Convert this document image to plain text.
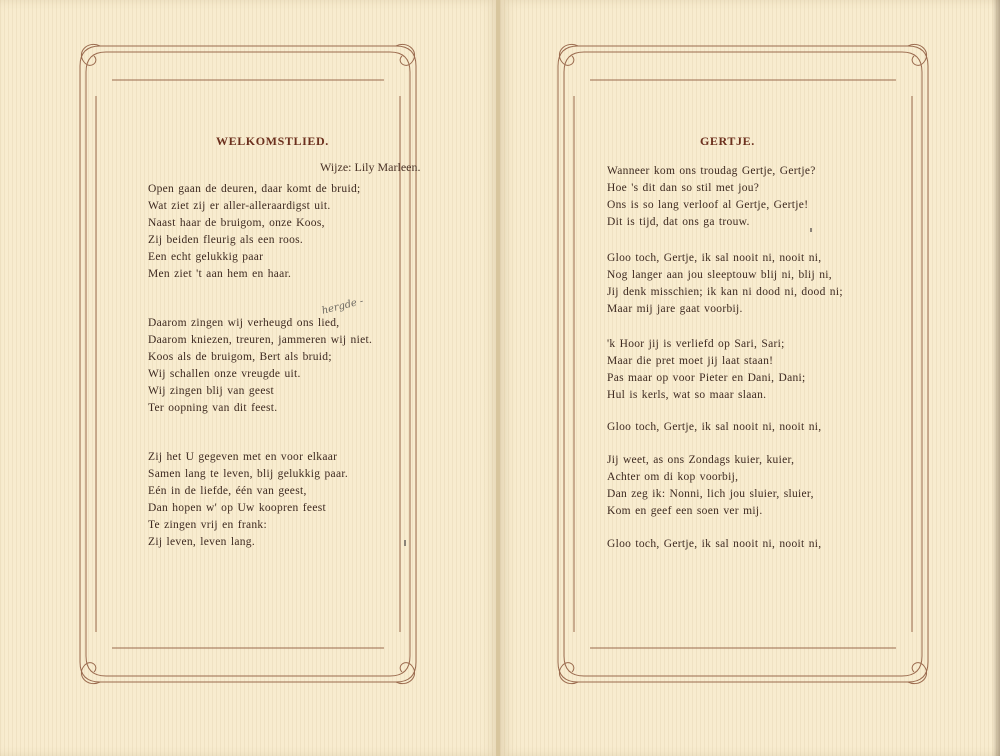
WELKOMSTLIED.

Wijze: Lily Marleen.

hergde -

Open gaan de deuren, daar komt de bruid;
Wat ziet zij er aller-alleraardigst uit.
Naast haar de bruigom, onze Koos,
Zij beiden fleurig als een roos.
Een echt gelukkig paar
Men ziet 't aan hem en haar.
Daarom zingen wij verheugd ons lied,
Daarom kniezen, treuren, jammeren wij niet.
Koos als de bruigom, Bert als bruid;
Wij schallen onze vreugde uit.
Wij zingen blij van geest
Ter oopning van dit feest.
Zij het U gegeven met en voor elkaar
Samen lang te leven, blij gelukkig paar.
Eén in de liefde, één van geest,
Dan hopen w' op Uw koopren feest
Te zingen vrij en frank:
Zij leven, leven lang.
GERTJE.
Wanneer kom ons troudag Gertje, Gertje?
Hoe 's dit dan so stil met jou?
Ons is so lang verloof al Gertje, Gertje!
Dit is tijd, dat ons ga trouw.
Gloo toch, Gertje, ik sal nooit ni, nooit ni,
Nog langer aan jou sleeptouw blij ni, blij ni,
Jij denk misschien; ik kan ni dood ni, dood ni;
Maar mij jare gaat voorbij.
'k Hoor jij is verliefd op Sari, Sari;
Maar die pret moet jij laat staan!
Pas maar op voor Pieter en Dani, Dani;
Hul is kerls, wat so maar slaan.
Gloo toch, Gertje, ik sal nooit ni, nooit ni,
Jij weet, as ons Zondags kuier, kuier,
Achter om di kop voorbij,
Dan zeg ik: Nonni, lich jou sluier, sluier,
Kom en geef een soen ver mij.
Gloo toch, Gertje, ik sal nooit ni, nooit ni,
